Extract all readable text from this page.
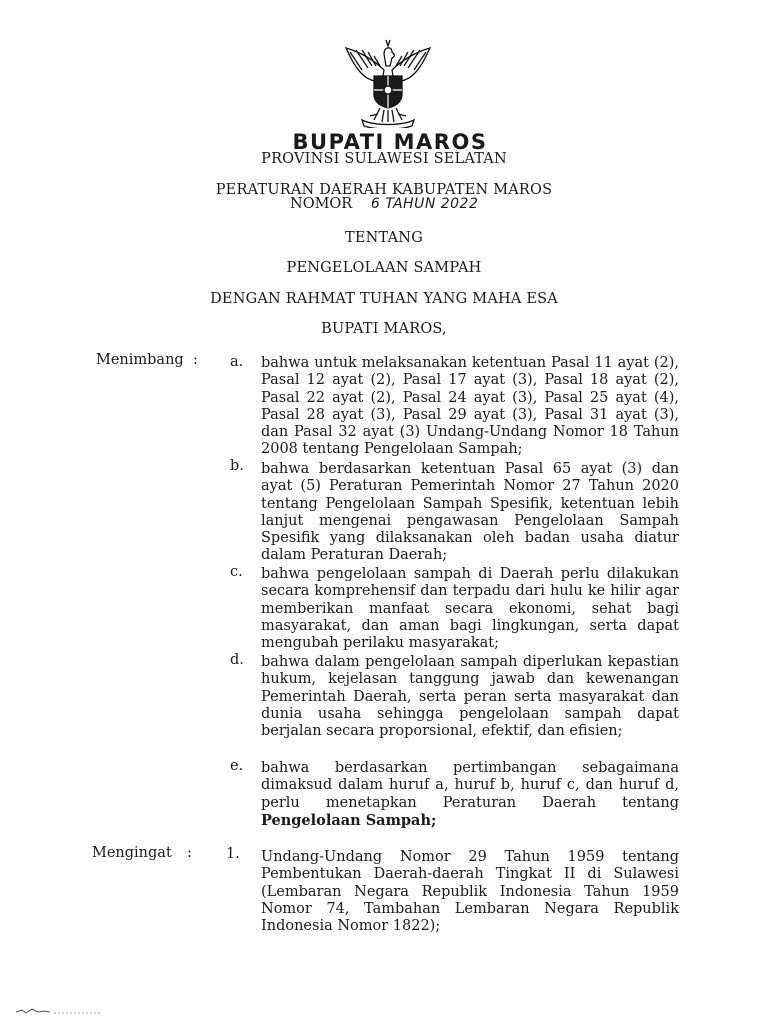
BUPATI MAROS
PROVINSI SULAWESI SELATAN
PERATURAN DAERAH KABUPATEN MAROS
NOMOR 6 TAHUN 2022
TENTANG
PENGELOLAAN SAMPAH
DENGAN RAHMAT TUHAN YANG MAHA ESA
BUPATI MAROS,
Menimbang : a. bahwa untuk melaksanakan ketentuan Pasal 11 ayat (2), Pasal 12 ayat (2), Pasal 17 ayat (3), Pasal 18 ayat (2), Pasal 22 ayat (2), Pasal 24 ayat (3), Pasal 25 ayat (4), Pasal 28 ayat (3), Pasal 29 ayat (3), Pasal 31 ayat (3), dan Pasal 32 ayat (3) Undang-Undang Nomor 18 Tahun 2008 tentang Pengelolaan Sampah;
b. bahwa berdasarkan ketentuan Pasal 65 ayat (3) dan ayat (5) Peraturan Pemerintah Nomor 27 Tahun 2020 tentang Pengelolaan Sampah Spesifik, ketentuan lebih lanjut mengenai pengawasan Pengelolaan Sampah Spesifik yang dilaksanakan oleh badan usaha diatur dalam Peraturan Daerah;
c. bahwa pengelolaan sampah di Daerah perlu dilakukan secara komprehensif dan terpadu dari hulu ke hilir agar memberikan manfaat secara ekonomi, sehat bagi masyarakat, dan aman bagi lingkungan, serta dapat mengubah perilaku masyarakat;
d. bahwa dalam pengelolaan sampah diperlukan kepastian hukum, kejelasan tanggung jawab dan kewenangan Pemerintah Daerah, serta peran serta masyarakat dan dunia usaha sehingga pengelolaan sampah dapat berjalan secara proporsional, efektif, dan efisien;
e. bahwa berdasarkan pertimbangan sebagaimana dimaksud dalam huruf a, huruf b, huruf c, dan huruf d, perlu menetapkan Peraturan Daerah tentang Pengelolaan Sampah;
Mengingat : 1. Undang-Undang Nomor 29 Tahun 1959 tentang Pembentukan Daerah-daerah Tingkat II di Sulawesi (Lembaran Negara Republik Indonesia Tahun 1959 Nomor 74, Tambahan Lembaran Negara Republik Indonesia Nomor 1822);
